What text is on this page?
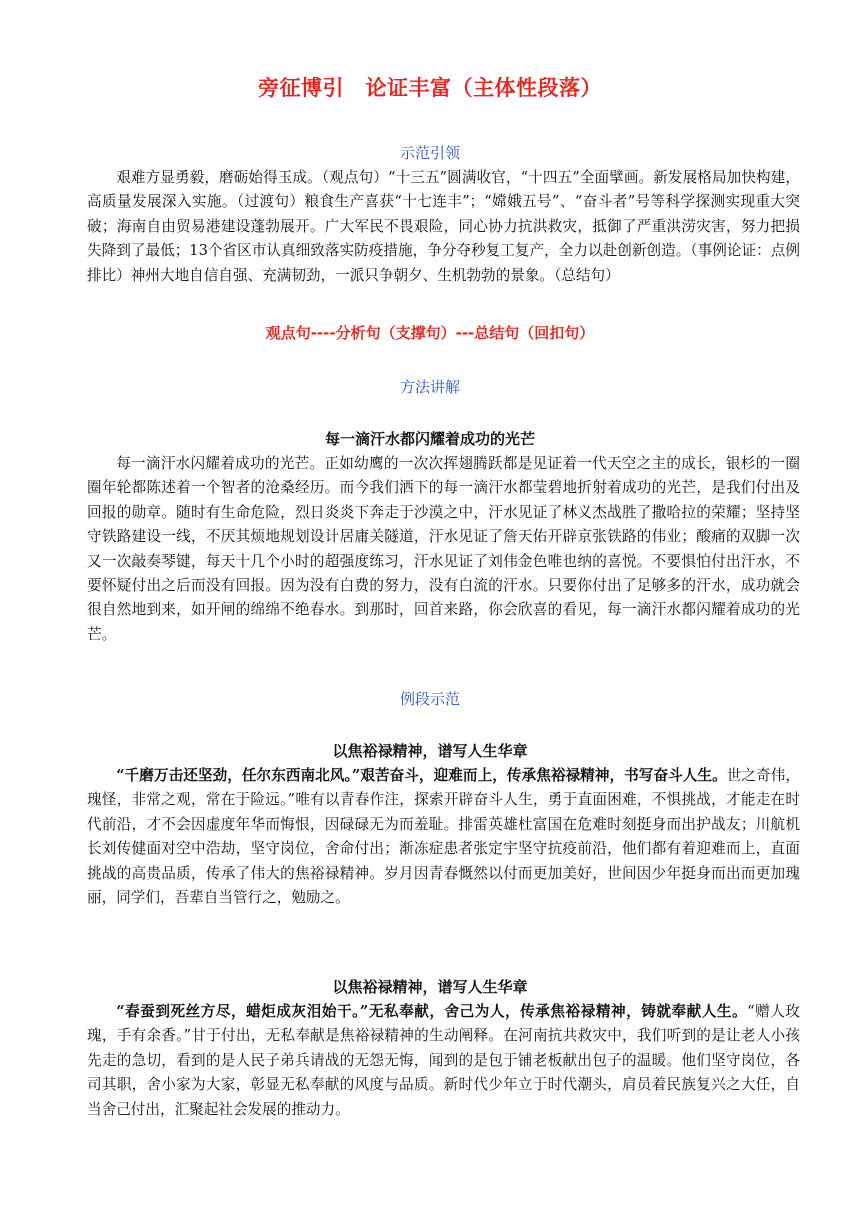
旁征博引　论证丰富（主体性段落）
示范引领

艰难方显勇毅，磨砺始得玉成。（观点句）“十三五”圆满收官，“十四五”全面擘画。新发展格局加快构建，高质量发展深入实施。（过渡句）粮食生产喜获“十七连丰”；“嫦娥五号”、“奋斗者”号等科学探测实现重大突破；海南自由贸易港建设蓬勃展开。广大军民不畏艰险，同心协力抗洪救灾，抵御了严重洪涝灾害，努力把损失降到了最低；13个省区市认真细致落实防疫措施，争分夺秒复工复产，全力以赴创新创造。（事例论证：点例排比）神州大地自信自强、充满韧劲，一派只争朝夕、生机勃勃的景象。（总结句）

观点句----分析句（支撑句）---总结句（回扣句）
方法讲解
每一滴汗水都闪耀着成功的光芒

每一滴汗水闪耀着成功的光芒。正如幼鹰的一次次挥翅腾跃都是见证着一代天空之主的成长，银杉的一圈圈年轮都陈述着一个智者的沧桑经历。而今我们洒下的每一滴汗水都莹碧地折射着成功的光芒，是我们付出及回报的勋章。随时有生命危险，烈日炎炎下奔走于沙漠之中，汗水见证了林义杰战胜了撒哈拉的荣耀；坚持坚守铁路建设一线，不厌其烦地规划设计居庸关隧道，汗水见证了詹天佑开辟京张铁路的伟业；酸痛的双脚一次又一次敲奏琴键，每天十几个小时的超强度练习，汗水见证了刘伟金色唯也纳的喜悦。不要惧怕付出汗水，不要怀疑付出之后而没有回报。因为没有白费的努力，没有白流的汗水。只要你付出了足够多的汗水，成功就会很自然地到来，如开闸的绵绵不绝春水。到那时，回首来路，你会欣喜的看见，每一滴汗水都闪耀着成功的光芒。

例段示范
以焦裕禄精神，谱写人生华章

“千磨万击还坚劲，任尔东西南北风。”艰苦奋斗，迎难而上，传承焦裕禄精神，书写奋斗人生。世之奇伟，瑰怪，非常之观，常在于险远。”唯有以青春作注，探索开辟奋斗人生，勇于直面困难，不惧挑战，才能走在时代前沿，才不会因虚度年华而悔恨，因碌碌无为而羞耻。排雷英雄杜富国在危难时刻挺身而出护战友；川航机长刘传健面对空中浩劫，坚守岗位，舍命付出；渐冻症患者张定宇坚守抗疫前沿，他们都有着迎难而上，直面挑战的高贵品质，传承了伟大的焦裕禄精神。岁月因青春慨然以付而更加美好，世间因少年挺身而出而更加瑰丽，同学们，吾辈自当管行之，勉励之。

以焦裕禄精神，谱写人生华章

“春蚕到死丝方尽，蜡炬成灰泪始干。”无私奉献，舍己为人，传承焦裕禄精神，铸就奉献人生。“赠人玫瑰，手有余香。”甘于付出，无私奉献是焦裕禄精神的生动阐释。在河南抗共救灾中，我们听到的是让老人小孩先走的急切，看到的是人民子弟兵请战的无怨无悔，闻到的是包于铺老板献出包子的温暖。他们坚守岗位，各司其职，舍小家为大家，彰显无私奉献的风度与品质。新时代少年立于时代潮头，肩员着民族复兴之大任，自当舍己付出，汇聚起社会发展的推动力。
